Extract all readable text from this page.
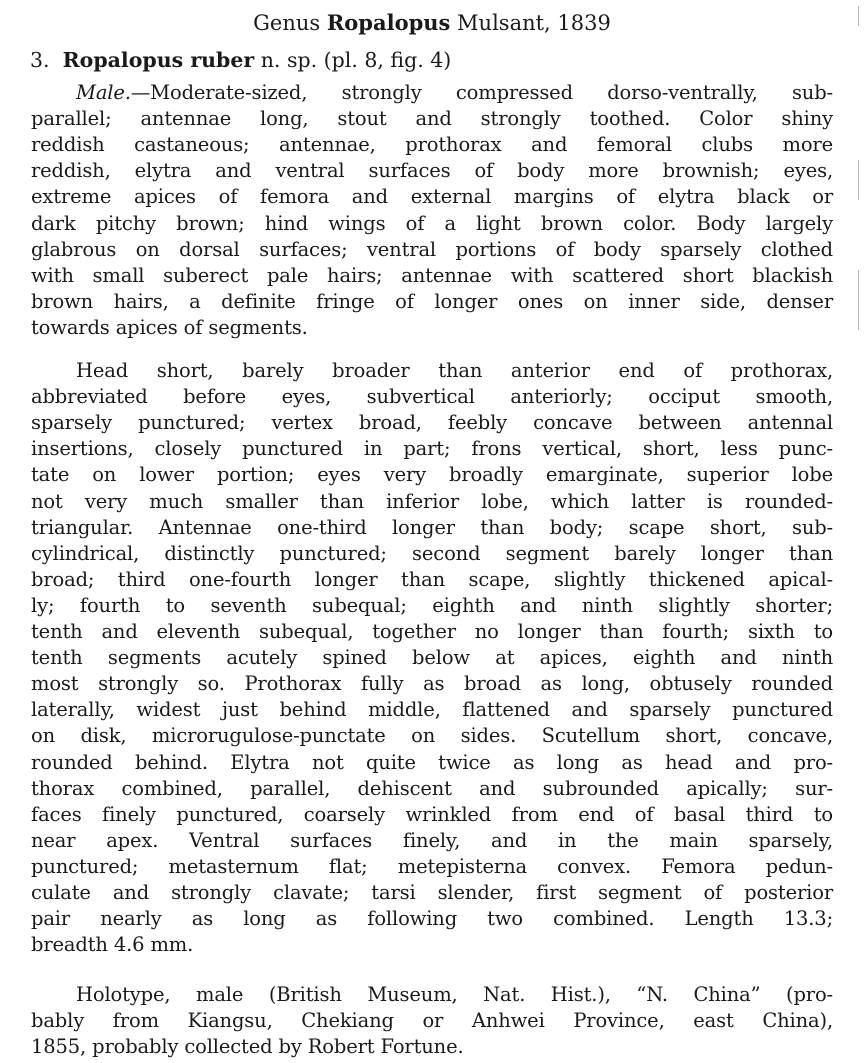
Genus Ropalopus Mulsant, 1839
3. Ropalopus ruber n. sp. (pl. 8, fig. 4)
Male.—Moderate-sized, strongly compressed dorso-ventrally, sub-
parallel; antennae long, stout and strongly toothed. Color shiny
reddish castaneous; antennae, prothorax and femoral clubs more
reddish, elytra and ventral surfaces of body more brownish; eyes,
extreme apices of femora and external margins of elytra black or
dark pitchy brown; hind wings of a light brown color. Body largely
glabrous on dorsal surfaces; ventral portions of body sparsely clothed
with small suberect pale hairs; antennae with scattered short blackish
brown hairs, a definite fringe of longer ones on inner side, denser
towards apices of segments.
Head short, barely broader than anterior end of prothorax,
abbreviated before eyes, subvertical anteriorly; occiput smooth,
sparsely punctured; vertex broad, feebly concave between antennal
insertions, closely punctured in part; frons vertical, short, less punc-
tate on lower portion; eyes very broadly emarginate, superior lobe
not very much smaller than inferior lobe, which latter is rounded-
triangular. Antennae one-third longer than body; scape short, sub-
cylindrical, distinctly punctured; second segment barely longer than
broad; third one-fourth longer than scape, slightly thickened apical-
ly; fourth to seventh subequal; eighth and ninth slightly shorter;
tenth and eleventh subequal, together no longer than fourth; sixth to
tenth segments acutely spined below at apices, eighth and ninth
most strongly so. Prothorax fully as broad as long, obtusely rounded
laterally, widest just behind middle, flattened and sparsely punctured
on disk, microrugulose-punctate on sides. Scutellum short, concave,
rounded behind. Elytra not quite twice as long as head and pro-
thorax combined, parallel, dehiscent and subrounded apically; sur-
faces finely punctured, coarsely wrinkled from end of basal third to
near apex. Ventral surfaces finely, and in the main sparsely,
punctured; metasternum flat; metepisterna convex. Femora pedun-
culate and strongly clavate; tarsi slender, first segment of posterior
pair nearly as long as following two combined. Length 13.3;
breadth 4.6 mm.
Holotype, male (British Museum, Nat. Hist.), “N. China” (pro-
bably from Kiangsu, Chekiang or Anhwei Province, east China),
1855, probably collected by Robert Fortune.
